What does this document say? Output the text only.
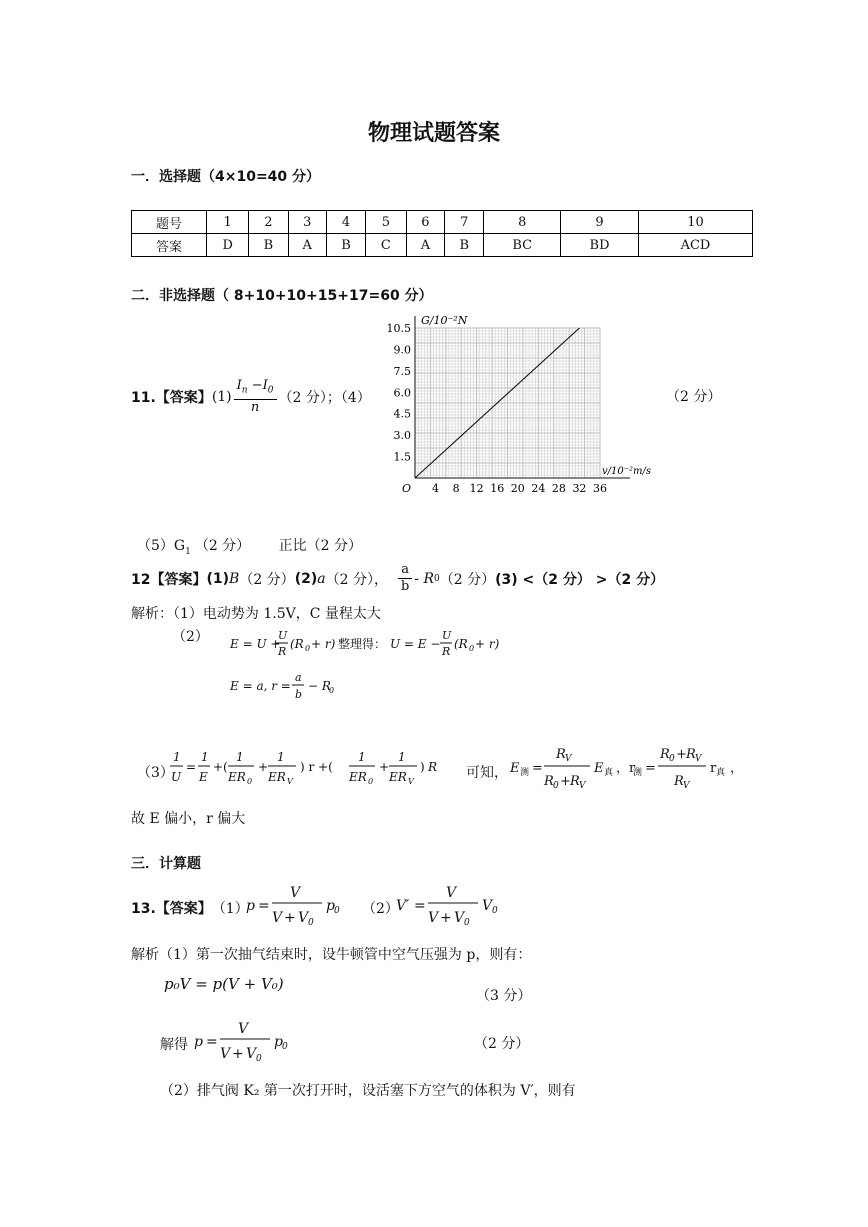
物理试题答案
一．选择题（4×10=40 分）
题号	1	2	3	4	5	6	7	8	9	10
答案	D	B	A	B	C	A	B	BC	BD	ACD
二．非选择题（ 8+10+10+15+17=60 分）
11.【答案】 $(1) \frac{I_n -I_0}{n} (2$ 分）；（4）	（2 分）
4 8 12 16 20 24 28 32 36
1.5
3.0
4.5
6.0
7.5
9.0
10.5
O
G/10⁻²N
v/10⁻²m/s
$(5)G_1$ （2 分） 正比（2 分）
12【答案】 (1) B （2 分） (2) a （2 分）， $\frac{a}{b}$ - R 0 （2 分） (3) <（2 分） >（2 分）
解析：（1）电动势为 1.5V，C 量程太大
（2） E = U +
U
R
(R 0 + r) 整理得： U = E −
U
R
(R 0 + r)
E = a, r =
a
b
− R
0
（3）
1
U
=
1
E
+(
1
ER 0
+
1
ER V
) r +(
1
ER 0
+
1
ER V
) R 可知， E 测 =
R V
R 0 + R V
E 真 ，r
测 =
R 0 + R V
R V
r 真 ，
故 E 偏小，r 偏大
三．计算题
13.【答案】 （1）
p =
V
V + V 0
p 0	V′ =
V
V + V 0
V 0
（2）
解析（1）第一次抽气结束时，设牛顿管中空气压强为 p，则有：
p₀V = p(V + V₀)
（3 分）
解得 p =
V
V + V 0
p 0	（2 分）
（2）排气阀 K₂ 第一次打开时，设活塞下方空气的体积为 V′，则有
